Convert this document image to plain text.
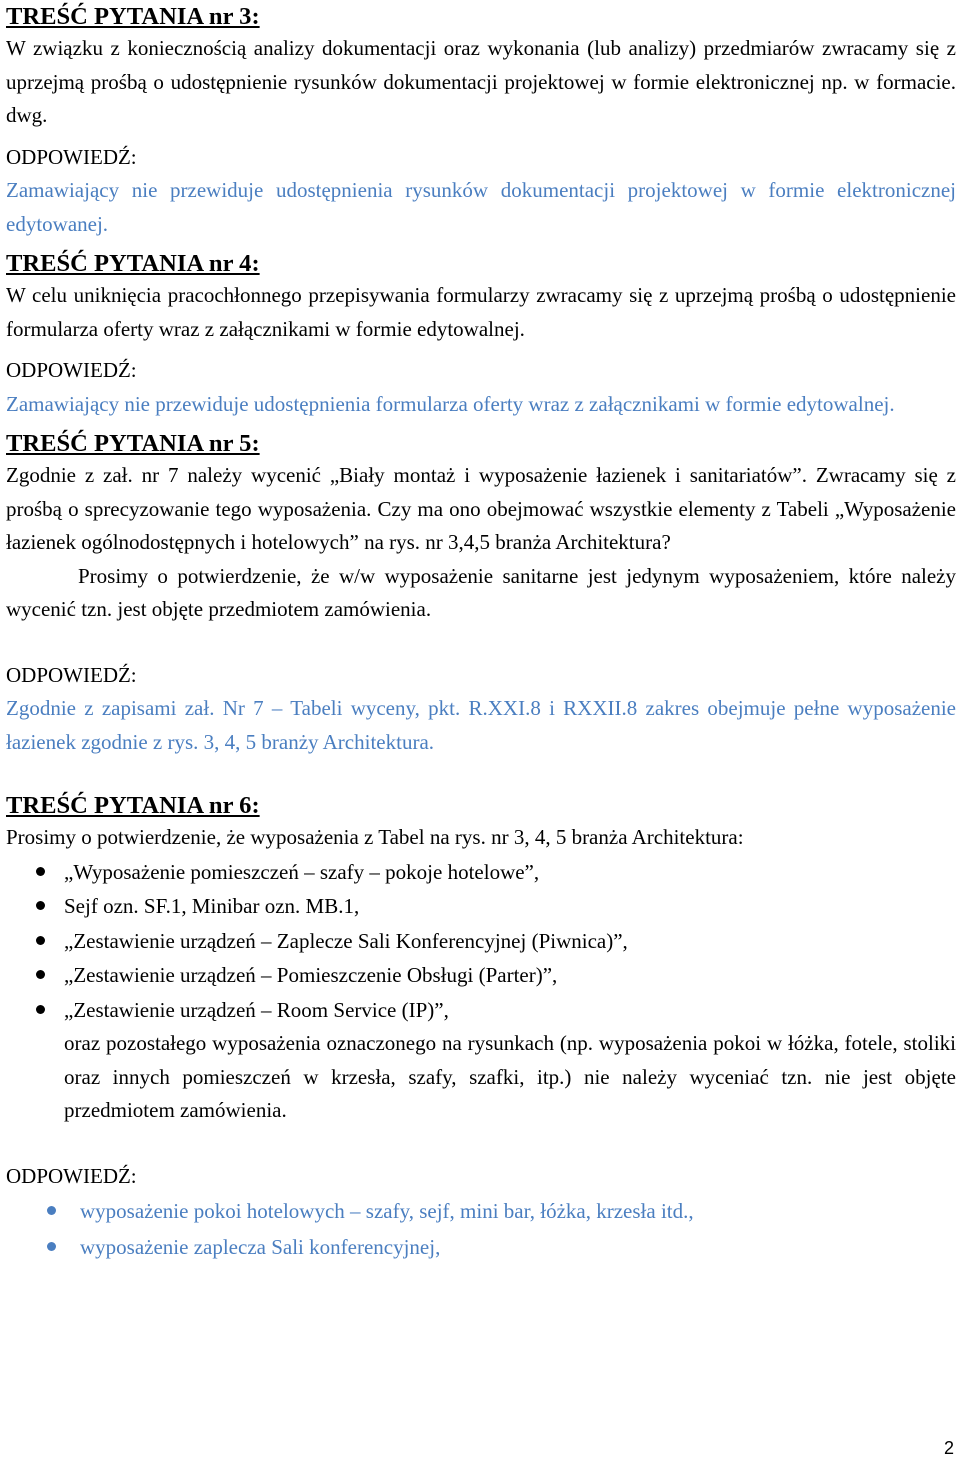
TREŚĆ PYTANIA nr 3:

W związku z koniecznością analizy dokumentacji oraz wykonania (lub analizy) przedmiarów zwracamy się z uprzejmą prośbą o udostępnienie rysunków dokumentacji projektowej w formie elektronicznej np. w formacie. dwg.

ODPOWIEDŹ:

Zamawiający nie przewiduje udostępnienia rysunków dokumentacji projektowej w formie elektronicznej edytowanej.

TREŚĆ PYTANIA nr 4:

W celu uniknięcia pracochłonnego przepisywania formularzy zwracamy się z uprzejmą prośbą o udostępnienie formularza oferty wraz z załącznikami w formie edytowalnej.

ODPOWIEDŹ:

Zamawiający nie przewiduje udostępnienia formularza oferty wraz z załącznikami w formie edytowalnej.

TREŚĆ PYTANIA nr 5:

Zgodnie z zał. nr 7 należy wycenić „Biały montaż i wyposażenie łazienek i sanitariatów”. Zwracamy się z prośbą o sprecyzowanie tego wyposażenia. Czy ma ono obejmować wszystkie elementy z Tabeli „Wyposażenie łazienek ogólnodostępnych i hotelowych” na rys. nr 3,4,5 branża Architektura?

Prosimy o potwierdzenie, że w/w wyposażenie sanitarne jest jedynym wyposażeniem, które należy wycenić tzn. jest objęte przedmiotem zamówienia.

ODPOWIEDŹ:

Zgodnie z zapisami zał. Nr 7 – Tabeli wyceny, pkt. R.XXI.8 i RXXII.8 zakres obejmuje pełne wyposażenie łazienek zgodnie z rys. 3, 4, 5 branży Architektura.

TREŚĆ PYTANIA nr 6:

Prosimy o potwierdzenie, że wyposażenia z Tabel na rys. nr 3, 4, 5 branża Architektura:

„Wyposażenie pomieszczeń – szafy – pokoje hotelowe”,
Sejf ozn. SF.1, Minibar ozn. MB.1,
„Zestawienie urządzeń – Zaplecze Sali Konferencyjnej (Piwnica)”,
„Zestawienie urządzeń – Pomieszczenie Obsługi (Parter)”,
„Zestawienie urządzeń – Room Service (IP)”,

oraz pozostałego wyposażenia oznaczonego na rysunkach (np. wyposażenia pokoi w łóżka, fotele, stoliki oraz innych pomieszczeń w krzesła, szafy, szafki, itp.) nie należy wyceniać tzn. nie jest objęte przedmiotem zamówienia.

ODPOWIEDŹ:

wyposażenie pokoi hotelowych – szafy, sejf, mini bar, łóżka, krzesła itd.,
wyposażenie zaplecza Sali konferencyjnej,
2
